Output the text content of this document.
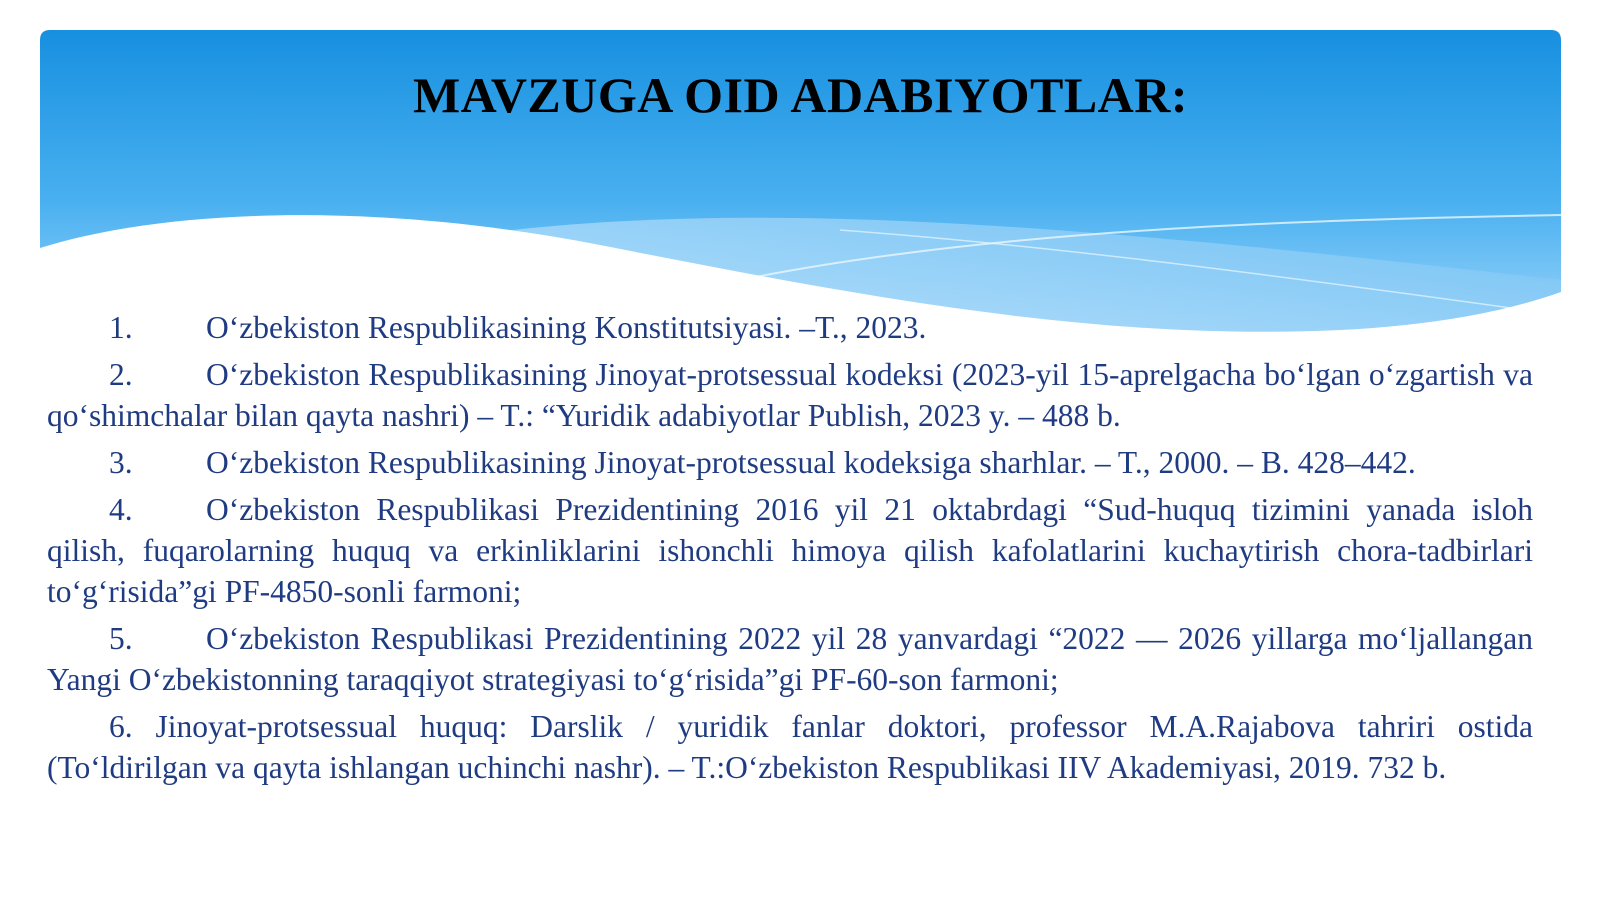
MAVZUGA OID ADABIYOTLAR:

1. O‘zbekiston Respublikasining Konstitutsiyasi. –T., 2023.

2. O‘zbekiston Respublikasining Jinoyat-protsessual kodeksi (2023-yil 15-aprelgacha bo‘lgan o‘zgartish va qo‘shimchalar bilan qayta nashri) – T.: “Yuridik adabiyotlar Publish, 2023 y. – 488 b.

3. O‘zbekiston Respublikasining Jinoyat-protsessual kodeksiga sharhlar. – T., 2000. – B. 428–442.

4. O‘zbekiston Respublikasi Prezidentining 2016 yil 21 oktabrdagi “Sud-huquq tizimini yanada isloh qilish, fuqarolarning huquq va erkinliklarini ishonchli himoya qilish kafolatlarini kuchaytirish chora-tadbirlari to‘g‘risida”gi PF-4850-sonli farmoni;

5. O‘zbekiston Respublikasi Prezidentining 2022 yil 28 yanvardagi “2022 — 2026 yillarga mo‘ljallangan Yangi O‘zbekistonning taraqqiyot strategiyasi to‘g‘risida”gi PF-60-son farmoni;

6. Jinoyat-protsessual huquq: Darslik / yuridik fanlar doktori, professor M.A.Rajabova tahriri ostida (To‘ldirilgan va qayta ishlangan uchinchi nashr). – T.:O‘zbekiston Respublikasi IIV Akademiyasi, 2019. 732 b.
